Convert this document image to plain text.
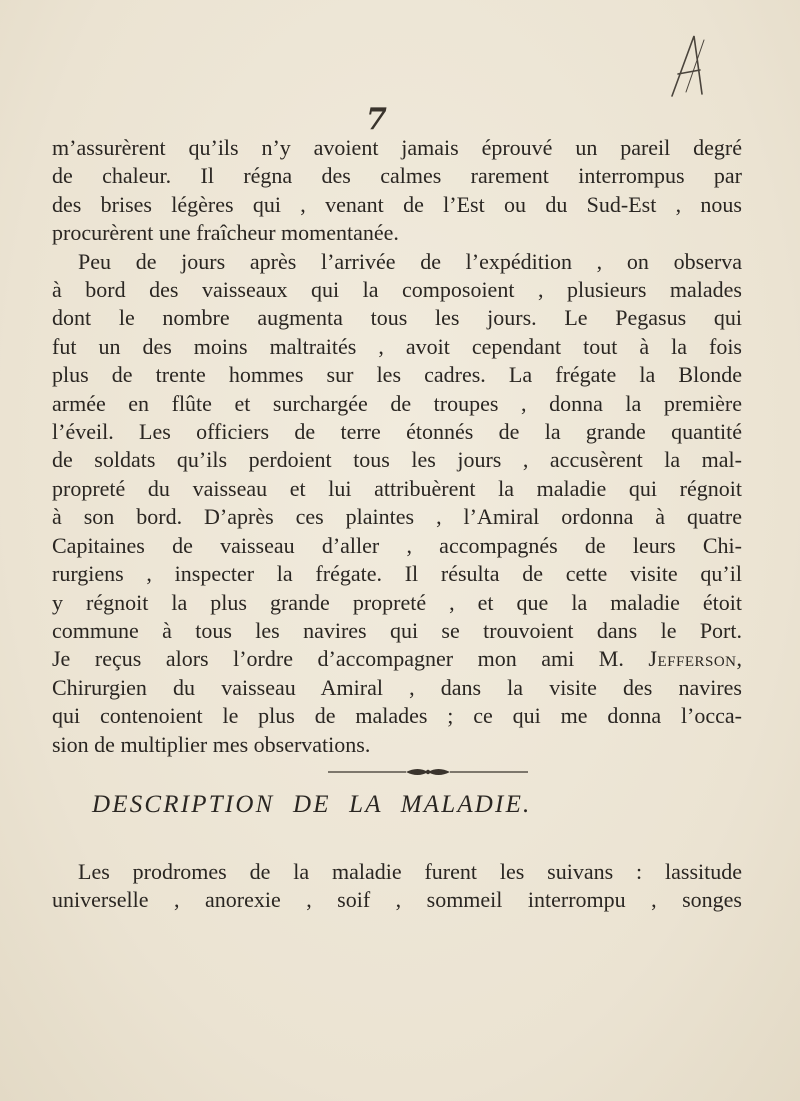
7
m’assurèrent qu’ils n’y avoient jamais éprouvé un pareil degré
de chaleur. Il régna des calmes rarement interrompus par
des brises légères qui , venant de l’Est ou du Sud-Est , nous
procurèrent une fraîcheur momentanée.
Peu de jours après l’arrivée de l’expédition , on observa
à bord des vaisseaux qui la composoient , plusieurs malades
dont le nombre augmenta tous les jours. Le Pegasus qui
fut un des moins maltraités , avoit cependant tout à la fois
plus de trente hommes sur les cadres. La frégate la Blonde
armée en flûte et surchargée de troupes , donna la première
l’éveil. Les officiers de terre étonnés de la grande quantité
de soldats qu’ils perdoient tous les jours , accusèrent la mal-
propreté du vaisseau et lui attribuèrent la maladie qui régnoit
à son bord. D’après ces plaintes , l’Amiral ordonna à quatre
Capitaines de vaisseau d’aller , accompagnés de leurs Chi-
rurgiens , inspecter la frégate. Il résulta de cette visite qu’il
y régnoit la plus grande propreté , et que la maladie étoit
commune à tous les navires qui se trouvoient dans le Port.
Je reçus alors l’ordre d’accompagner mon ami M. Jefferson,
Chirurgien du vaisseau Amiral , dans la visite des navires
qui contenoient le plus de malades ; ce qui me donna l’occa-
sion de multiplier mes observations.
DESCRIPTION DE LA MALADIE.
Les prodromes de la maladie furent les suivans : lassitude
universelle , anorexie , soif , sommeil interrompu , songes
